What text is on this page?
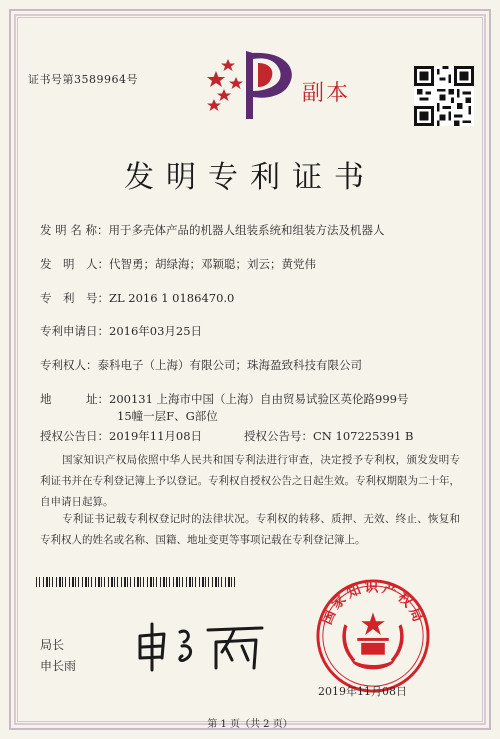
证书号第3589964号
副本
发明专利证书
发 明 名 称：用于多壳体产品的机器人组装系统和组装方法及机器人
发　明　人：代智勇；胡绿海；邓颖聪；刘云；黄党伟
专　利　号：ZL 2016 1 0186470.0
专利申请日：2016年03月25日
专利权人：泰科电子（上海）有限公司；珠海盈致科技有限公司
地　　　址：200131 上海市中国（上海）自由贸易试验区英伦路999号
15幢一层F、G部位
授权公告日：2019年11月08日	授权公告号：CN 107225391 B
国家知识产权局依照中华人民共和国专利法进行审查，决定授予专利权，颁发发明专利证书并在专利登记簿上予以登记。专利权自授权公告之日起生效。专利权期限为二十年，自申请日起算。
专利证书记载专利权登记时的法律状况。专利权的转移、质押、无效、终止、恢复和专利权人的姓名或名称、国籍、地址变更等事项记载在专利登记簿上。
局长
申长雨
国家知识产权局
2019年11月08日
第 1 页（共 2 页）
